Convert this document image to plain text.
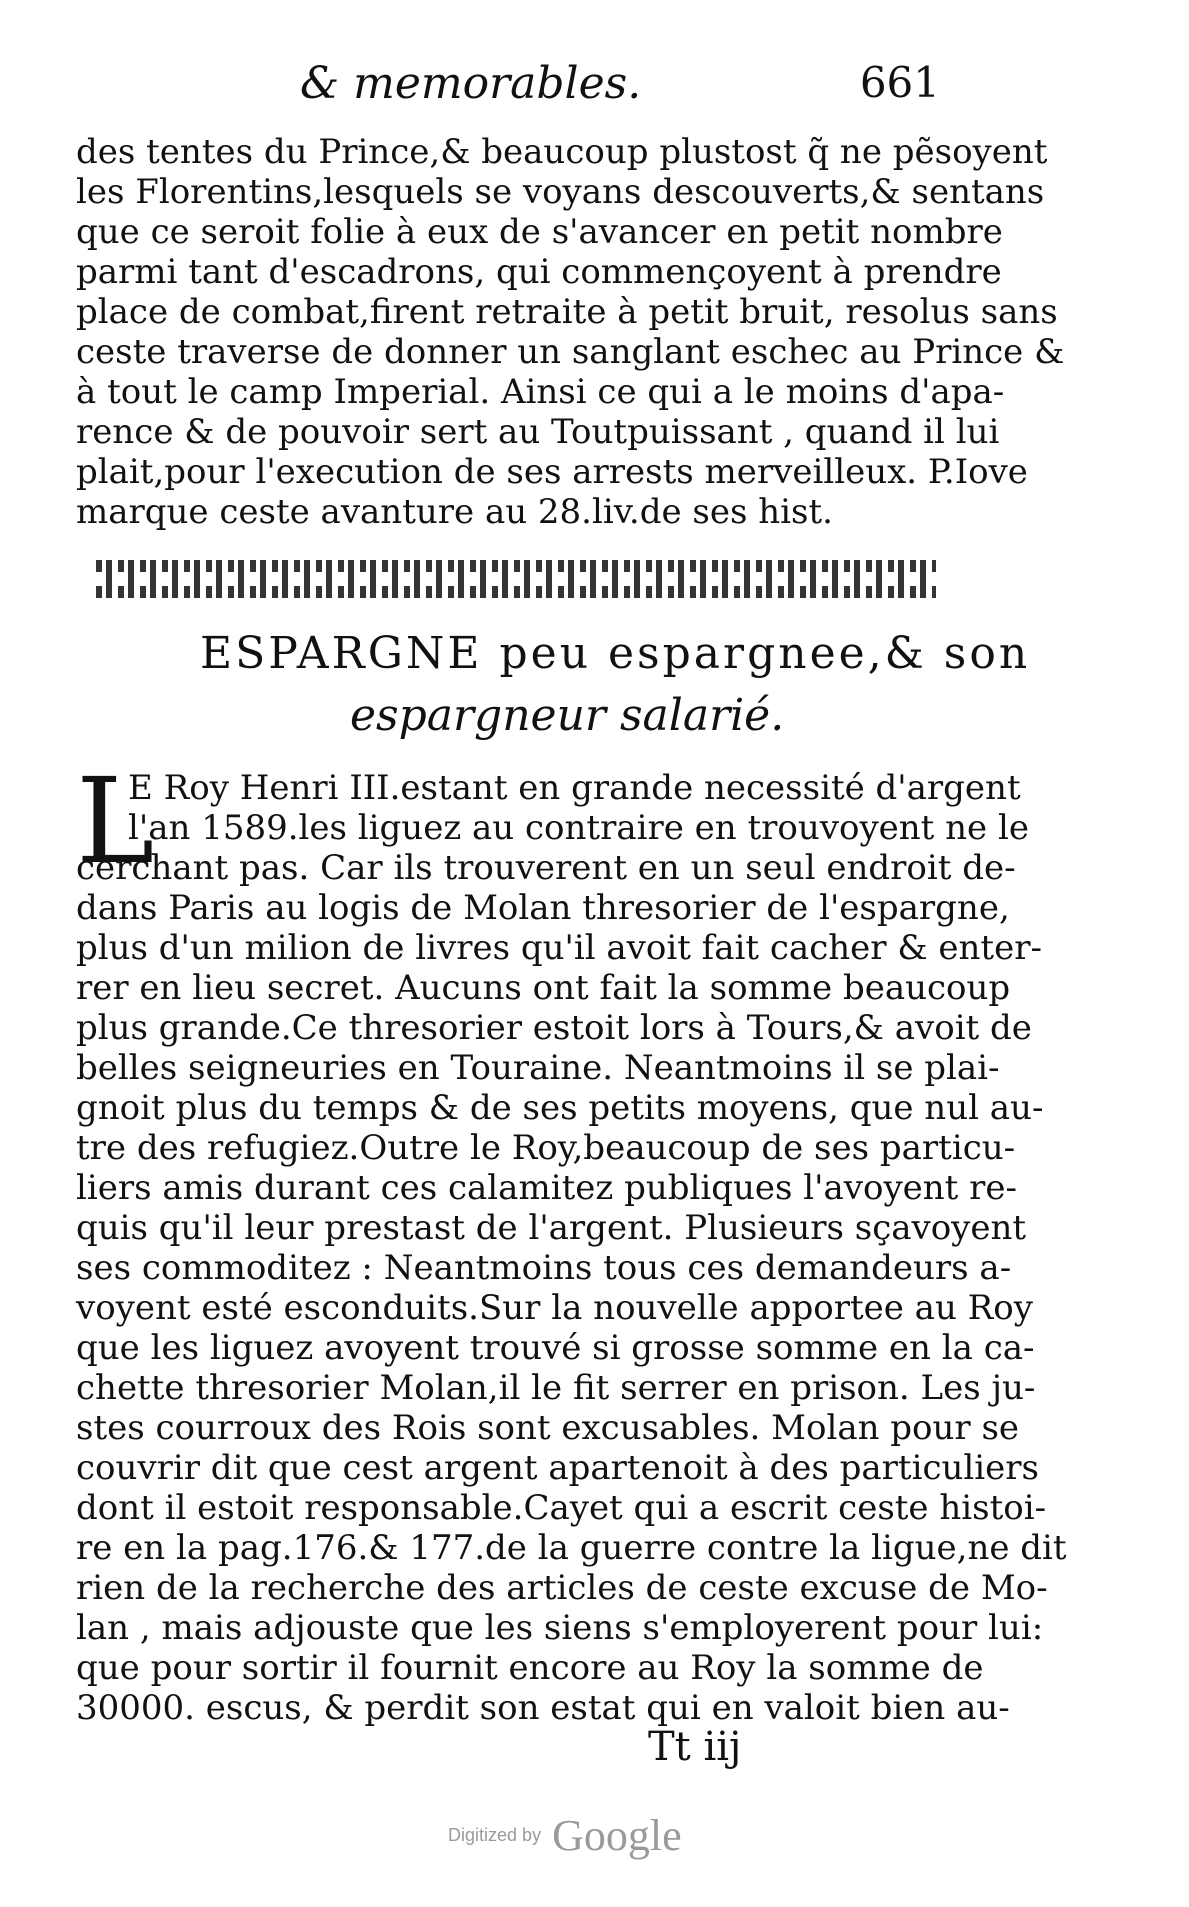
& memorables.	661
des tentes du Prince,& beaucoup plustost q̃ ne pẽsoyent
les Florentins,lesquels se voyans descouverts,& sentans
que ce seroit folie à eux de s'avancer en petit nombre
parmi tant d'escadrons, qui commençoyent à prendre
place de combat,firent retraite à petit bruit, resolus sans
ceste traverse de donner un sanglant eschec au Prince &
à tout le camp Imperial. Ainsi ce qui a le moins d'apa-
rence & de pouvoir sert au Toutpuissant , quand il lui
plait,pour l'execution de ses arrests merveilleux. P.Iove
marque ceste avanture au 28.liv.de ses hist.
ESPARGNE peu espargnee,& son
espargneur salarié.
L
E Roy Henri III.estant en grande necessité d'argent
l'an 1589.les liguez au contraire en trouvoyent ne le
cerchant pas. Car ils trouverent en un seul endroit de-
dans Paris au logis de Molan thresorier de l'espargne,
plus d'un milion de livres qu'il avoit fait cacher & enter-
rer en lieu secret. Aucuns ont fait la somme beaucoup
plus grande.Ce thresorier estoit lors à Tours,& avoit de
belles seigneuries en Touraine. Neantmoins il se plai-
gnoit plus du temps & de ses petits moyens, que nul au-
tre des refugiez.Outre le Roy,beaucoup de ses particu-
liers amis durant ces calamitez publiques l'avoyent re-
quis qu'il leur prestast de l'argent. Plusieurs sçavoyent
ses commoditez : Neantmoins tous ces demandeurs a-
voyent esté esconduits.Sur la nouvelle apportee au Roy
que les liguez avoyent trouvé si grosse somme en la ca-
chette thresorier Molan,il le fit serrer en prison. Les ju-
stes courroux des Rois sont excusables. Molan pour se
couvrir dit que cest argent apartenoit à des particuliers
dont il estoit responsable.Cayet qui a escrit ceste histoi-
re en la pag.176.& 177.de la guerre contre la ligue,ne dit
rien de la recherche des articles de ceste excuse de Mo-
lan , mais adjouste que les siens s'employerent pour lui:
que pour sortir il fournit encore au Roy la somme de
30000. escus, & perdit son estat qui en valoit bien au-
Tt iij
Digitized by Google
